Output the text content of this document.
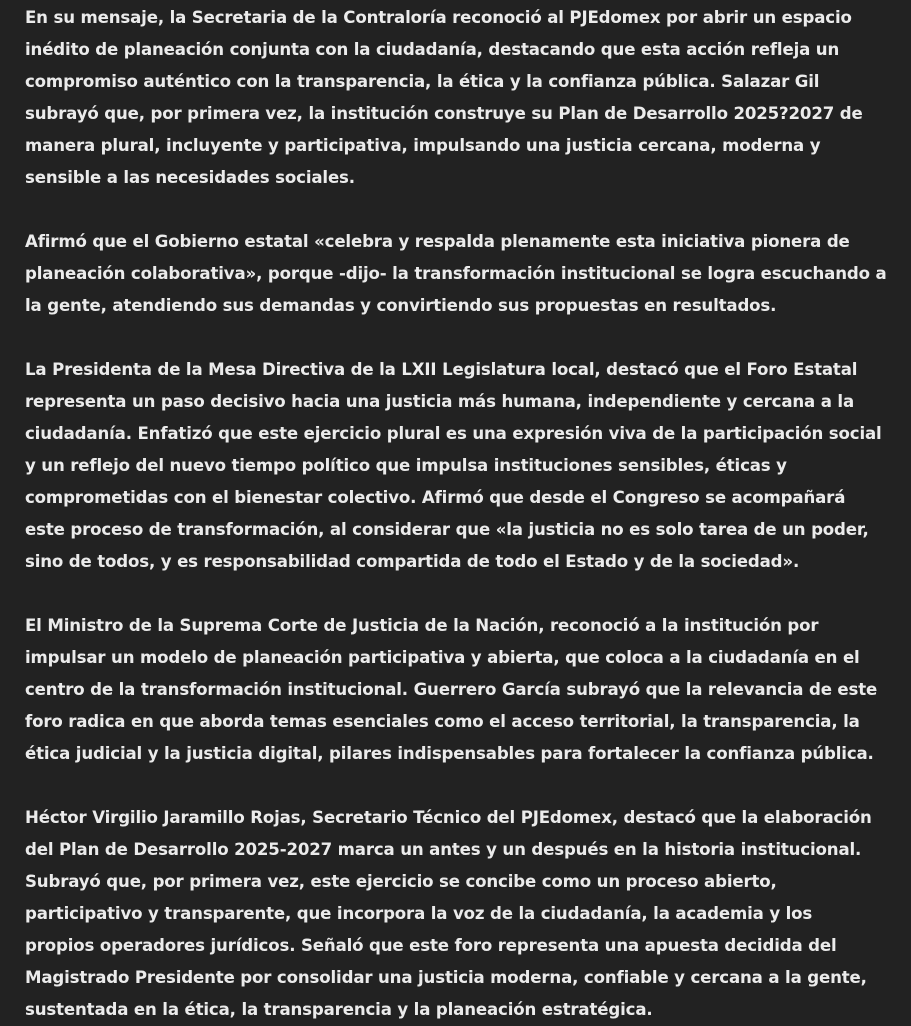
En su mensaje, la Secretaria de la Contraloría reconoció al PJEdomex por abrir un espacio inédito de planeación conjunta con la ciudadanía, destacando que esta acción refleja un compromiso auténtico con la transparencia, la ética y la confianza pública. Salazar Gil subrayó que, por primera vez, la institución construye su Plan de Desarrollo 2025?2027 de manera plural, incluyente y participativa, impulsando una justicia cercana, moderna y sensible a las necesidades sociales.

Afirmó que el Gobierno estatal «celebra y respalda plenamente esta iniciativa pionera de planeación colaborativa», porque -dijo- la transformación institucional se logra escuchando a la gente, atendiendo sus demandas y convirtiendo sus propuestas en resultados.

La Presidenta de la Mesa Directiva de la LXII Legislatura local, destacó que el Foro Estatal representa un paso decisivo hacia una justicia más humana, independiente y cercana a la ciudadanía. Enfatizó que este ejercicio plural es una expresión viva de la participación social y un reflejo del nuevo tiempo político que impulsa instituciones sensibles, éticas y comprometidas con el bienestar colectivo. Afirmó que desde el Congreso se acompañará este proceso de transformación, al considerar que «la justicia no es solo tarea de un poder, sino de todos, y es responsabilidad compartida de todo el Estado y de la sociedad».

El Ministro de la Suprema Corte de Justicia de la Nación, reconoció a la institución por impulsar un modelo de planeación participativa y abierta, que coloca a la ciudadanía en el centro de la transformación institucional. Guerrero García subrayó que la relevancia de este foro radica en que aborda temas esenciales como el acceso territorial, la transparencia, la ética judicial y la justicia digital, pilares indispensables para fortalecer la confianza pública.

Héctor Virgilio Jaramillo Rojas, Secretario Técnico del PJEdomex, destacó que la elaboración del Plan de Desarrollo 2025-2027 marca un antes y un después en la historia institucional. Subrayó que, por primera vez, este ejercicio se concibe como un proceso abierto, participativo y transparente, que incorpora la voz de la ciudadanía, la academia y los propios operadores jurídicos. Señaló que este foro representa una apuesta decidida del Magistrado Presidente por consolidar una justicia moderna, confiable y cercana a la gente, sustentada en la ética, la transparencia y la planeación estratégica.
